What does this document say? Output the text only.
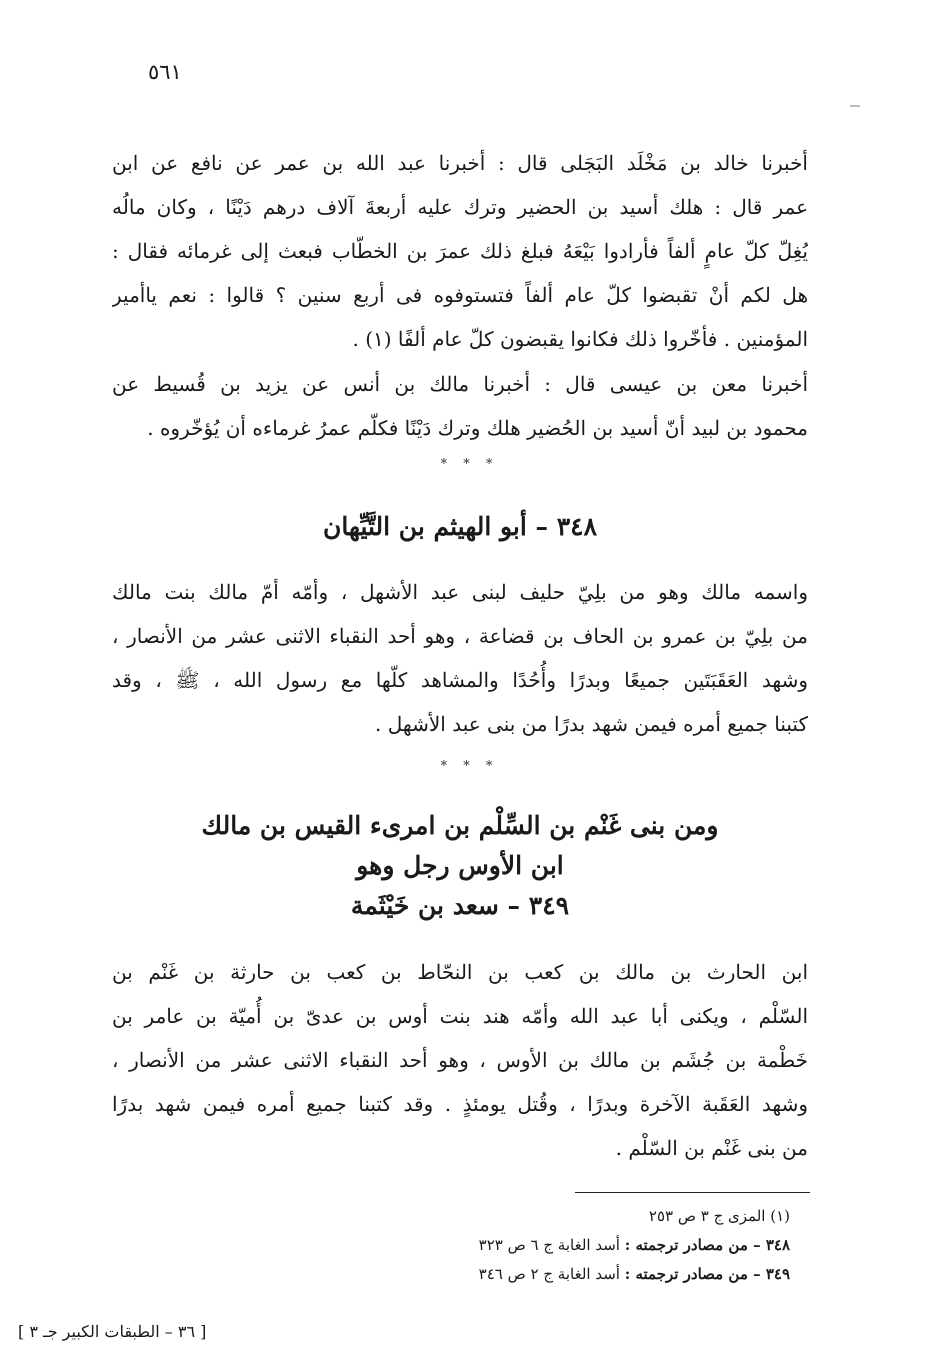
٥٦١
أخبرنا خالد بن مَخْلَد البَجَلى قال : أخبرنا عبد الله بن عمر عن نافع عن ابن
عمر قال : هلك أسيد بن الحضير وترك عليه أربعةَ آلاف درهم دَيْنًا ، وكان مالُه
يُغِلّ كلّ عامٍ ألفاً فأرادوا بَيْعَهُ فبلغ ذلك عمرَ بن الخطّاب فبعث إلى غرمائه فقال :
هل لكم أنْ تقبضوا كلّ عام ألفاً فتستوفوه فى أربع سنين ؟ قالوا : نعم ياأمير
المؤمنين . فأخّروا ذلك فكانوا يقبضون كلّ عام ألفًا (١) .
أخبرنا معن بن عيسى قال : أخبرنا مالك بن أنس عن يزيد بن قُسيط عن
محمود بن لبيد أنّ أسيد بن الحُضير هلك وترك دَيْنًا فكلّم عمرُ غرماءه أن يُؤخّروه .
* * *
٣٤٨ – أبو الهيثم بن التَّيِّهان
واسمه مالك وهو من بلِيّ حليف لبنى عبد الأشهل ، وأمّه أمّ مالك بنت مالك
من بلِيّ بن عمرو بن الحاف بن قضاعة ، وهو أحد النقباء الاثنى عشر من الأنصار ،
وشهد العَقَبَتَين جميعًا وبدرًا وأُحُدًا والمشاهد كلّها مع رسول الله ، ﷺ ، وقد
كتبنا جميع أمره فيمن شهد بدرًا من بنى عبد الأشهل .
* * *
ومن بنى غَنْم بن السِّلْم بن امرىء القيس بن مالك
ابن الأوس رجل وهو
٣٤٩ – سعد بن خَيْثَمة
ابن الحارث بن مالك بن كعب بن النحّاط بن كعب بن حارثة بن غَنْم بن
السّلْم ، ويكنى أبا عبد الله وأمّه هند بنت أوس بن عدىّ بن أُميّة بن عامر بن
خَطْمة بن جُشَم بن مالك بن الأوس ، وهو أحد النقباء الاثنى عشر من الأنصار ،
وشهد العَقَبة الآخرة وبدرًا ، وقُتل يومئذٍ . وقد كتبنا جميع أمره فيمن شهد بدرًا
من بنى غَنْم بن السّلْم .
(١) المزى ج ٣ ص ٢٥٣
٣٤٨ – من مصادر ترجمته : أسد الغابة ج ٦ ص ٣٢٣
٣٤٩ – من مصادر ترجمته : أسد الغابة ج ٢ ص ٣٤٦
[ ٣٦ – الطبقات الكبير جـ ٣ ]
